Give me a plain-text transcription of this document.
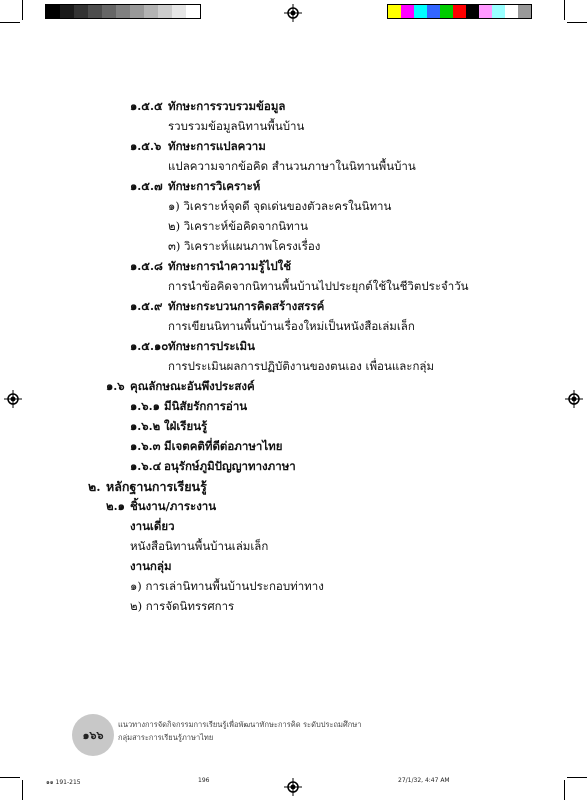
๑.๕.๕ ทักษะการรวบรวมข้อมูล
รวบรวมข้อมูลนิทานพื้นบ้าน
๑.๕.๖ ทักษะการแปลความ
แปลความจากข้อคิด สำนวนภาษาในนิทานพื้นบ้าน
๑.๕.๗ ทักษะการวิเคราะห์
๑) วิเคราะห์จุดดี จุดเด่นของตัวละครในนิทาน
๒) วิเคราะห์ข้อคิดจากนิทาน
๓) วิเคราะห์แผนภาพโครงเรื่อง
๑.๕.๘ ทักษะการนำความรู้ไปใช้
การนำข้อคิดจากนิทานพื้นบ้านไปประยุกต์ใช้ในชีวิตประจำวัน
๑.๕.๙ ทักษะกระบวนการคิดสร้างสรรค์
การเขียนนิทานพื้นบ้านเรื่องใหม่เป็นหนังสือเล่มเล็ก
๑.๕.๑๐ทักษะการประเมิน
การประเมินผลการปฏิบัติงานของตนเอง เพื่อนและกลุ่ม
๑.๖ คุณลักษณะอันพึงประสงค์
๑.๖.๑ มีนิสัยรักการอ่าน
๑.๖.๒ ใฝ่เรียนรู้
๑.๖.๓ มีเจตคติที่ดีต่อภาษาไทย
๑.๖.๔ อนุรักษ์ภูมิปัญญาทางภาษา
๒. หลักฐานการเรียนรู้
๒.๑ ชิ้นงาน/ภาระงาน
งานเดี่ยว
หนังสือนิทานพื้นบ้านเล่มเล็ก
งานกลุ่ม
๑) การเล่านิทานพื้นบ้านประกอบท่าทาง
๒) การจัดนิทรรศการ
๑๖๖
แนวทางการจัดกิจกรรมการเรียนรู้เพื่อพัฒนาทักษะการคิด ระดับประถมศึกษา
กลุ่มสาระการเรียนรู้ภาษาไทย
๑๑ 191-215	196	27/1/32, 4:47 AM
